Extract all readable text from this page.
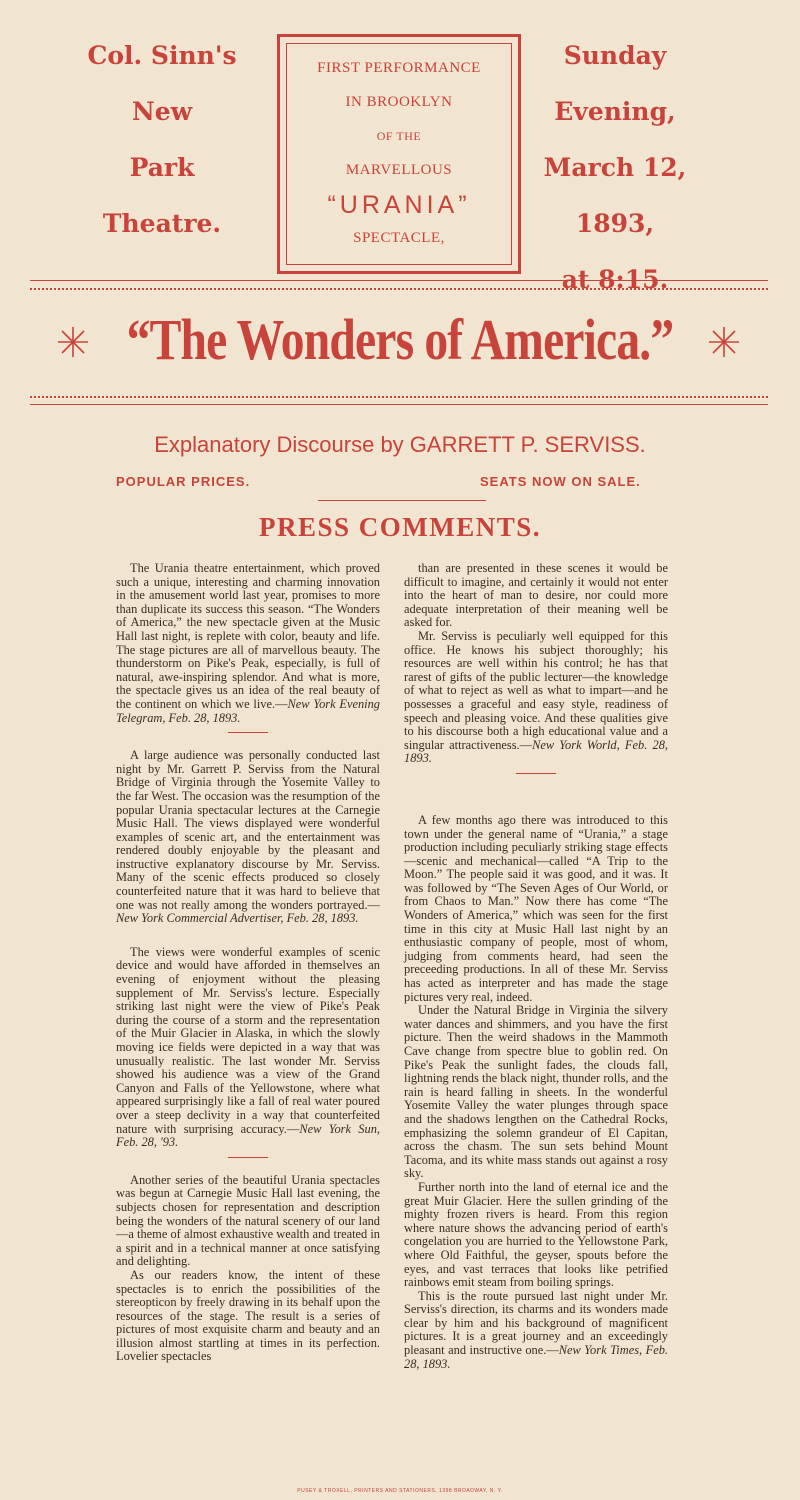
Col. Sinn's
New
Park
Theatre.
FIRST PERFORMANCE
IN BROOKLYN
OF THE
MARVELLOUS
“URANIA”
SPECTACLE,
Sunday
Evening,
March 12,
1893,
at 8:15.
“The Wonders of America.”
Explanatory Discourse by GARRETT P. SERVISS.
POPULAR PRICES.	SEATS NOW ON SALE.
PRESS COMMENTS.

The Urania theatre entertainment, which proved such a unique, interesting and charming innovation in the amusement world last year, promises to more than duplicate its success this season. “The Wonders of America,” the new spectacle given at the Music Hall last night, is replete with color, beauty and life. The stage pictures are all of marvellous beauty. The thunderstorm on Pike's Peak, especially, is full of natural, awe-inspiring splendor. And what is more, the spectacle gives us an idea of the real beauty of the continent on which we live.—New York Evening Telegram, Feb. 28, 1893.

A large audience was personally conducted last night by Mr. Garrett P. Serviss from the Natural Bridge of Virginia through the Yosemite Valley to the far West. The occasion was the resumption of the popular Urania spectacular lectures at the Carnegie Music Hall. The views displayed were wonderful examples of scenic art, and the entertainment was rendered doubly enjoyable by the pleasant and instructive explanatory discourse by Mr. Serviss. Many of the scenic effects produced so closely counterfeited nature that it was hard to believe that one was not really among the wonders portrayed.—New York Commercial Advertiser, Feb. 28, 1893.

The views were wonderful examples of scenic device and would have afforded in themselves an evening of enjoyment without the pleasing supplement of Mr. Serviss's lecture. Especially striking last night were the view of Pike's Peak during the course of a storm and the representation of the Muir Glacier in Alaska, in which the slowly moving ice fields were depicted in a way that was unusually realistic. The last wonder Mr. Serviss showed his audience was a view of the Grand Canyon and Falls of the Yellowstone, where what appeared surprisingly like a fall of real water poured over a steep declivity in a way that counterfeited nature with surprising accuracy.—New York Sun, Feb. 28, '93.

Another series of the beautiful Urania spectacles was begun at Carnegie Music Hall last evening, the subjects chosen for representation and description being the wonders of the natural scenery of our land—a theme of almost exhaustive wealth and treated in a spirit and in a technical manner at once satisfying and delighting.

As our readers know, the intent of these spectacles is to enrich the possibilities of the stereopticon by freely drawing in its behalf upon the resources of the stage. The result is a series of pictures of most exquisite charm and beauty and an illusion almost startling at times in its perfection. Lovelier spectacles

than are presented in these scenes it would be difficult to imagine, and certainly it would not enter into the heart of man to desire, nor could more adequate interpretation of their meaning well be asked for.

Mr. Serviss is peculiarly well equipped for this office. He knows his subject thoroughly; his resources are well within his control; he has that rarest of gifts of the public lecturer—the knowledge of what to reject as well as what to impart—and he possesses a graceful and easy style, readiness of speech and pleasing voice. And these qualities give to his discourse both a high educational value and a singular attractiveness.—New York World, Feb. 28, 1893.

A few months ago there was introduced to this town under the general name of “Urania,” a stage production including peculiarly striking stage effects—scenic and mechanical—called “A Trip to the Moon.” The people said it was good, and it was. It was followed by “The Seven Ages of Our World, or from Chaos to Man.” Now there has come “The Wonders of America,” which was seen for the first time in this city at Music Hall last night by an enthusiastic company of people, most of whom, judging from comments heard, had seen the preceeding productions. In all of these Mr. Serviss has acted as interpreter and has made the stage pictures very real, indeed.

Under the Natural Bridge in Virginia the silvery water dances and shimmers, and you have the first picture. Then the weird shadows in the Mammoth Cave change from spectre blue to goblin red. On Pike's Peak the sunlight fades, the clouds fall, lightning rends the black night, thunder rolls, and the rain is heard falling in sheets. In the wonderful Yosemite Valley the water plunges through space and the shadows lengthen on the Cathedral Rocks, emphasizing the solemn grandeur of El Capitan, across the chasm. The sun sets behind Mount Tacoma, and its white mass stands out against a rosy sky.

Further north into the land of eternal ice and the great Muir Glacier. Here the sullen grinding of the mighty frozen rivers is heard. From this region where nature shows the advancing period of earth's congelation you are hurried to the Yellowstone Park, where Old Faithful, the geyser, spouts before the eyes, and vast terraces that looks like petrified rainbows emit steam from boiling springs.

This is the route pursued last night under Mr. Serviss's direction, its charms and its wonders made clear by him and his background of magnificent pictures. It is a great journey and an exceedingly pleasant and instructive one.—New York Times, Feb. 28, 1893.

PUSEY & TROXELL, PRINTERS AND STATIONERS, 1398 BROADWAY, N. Y.
